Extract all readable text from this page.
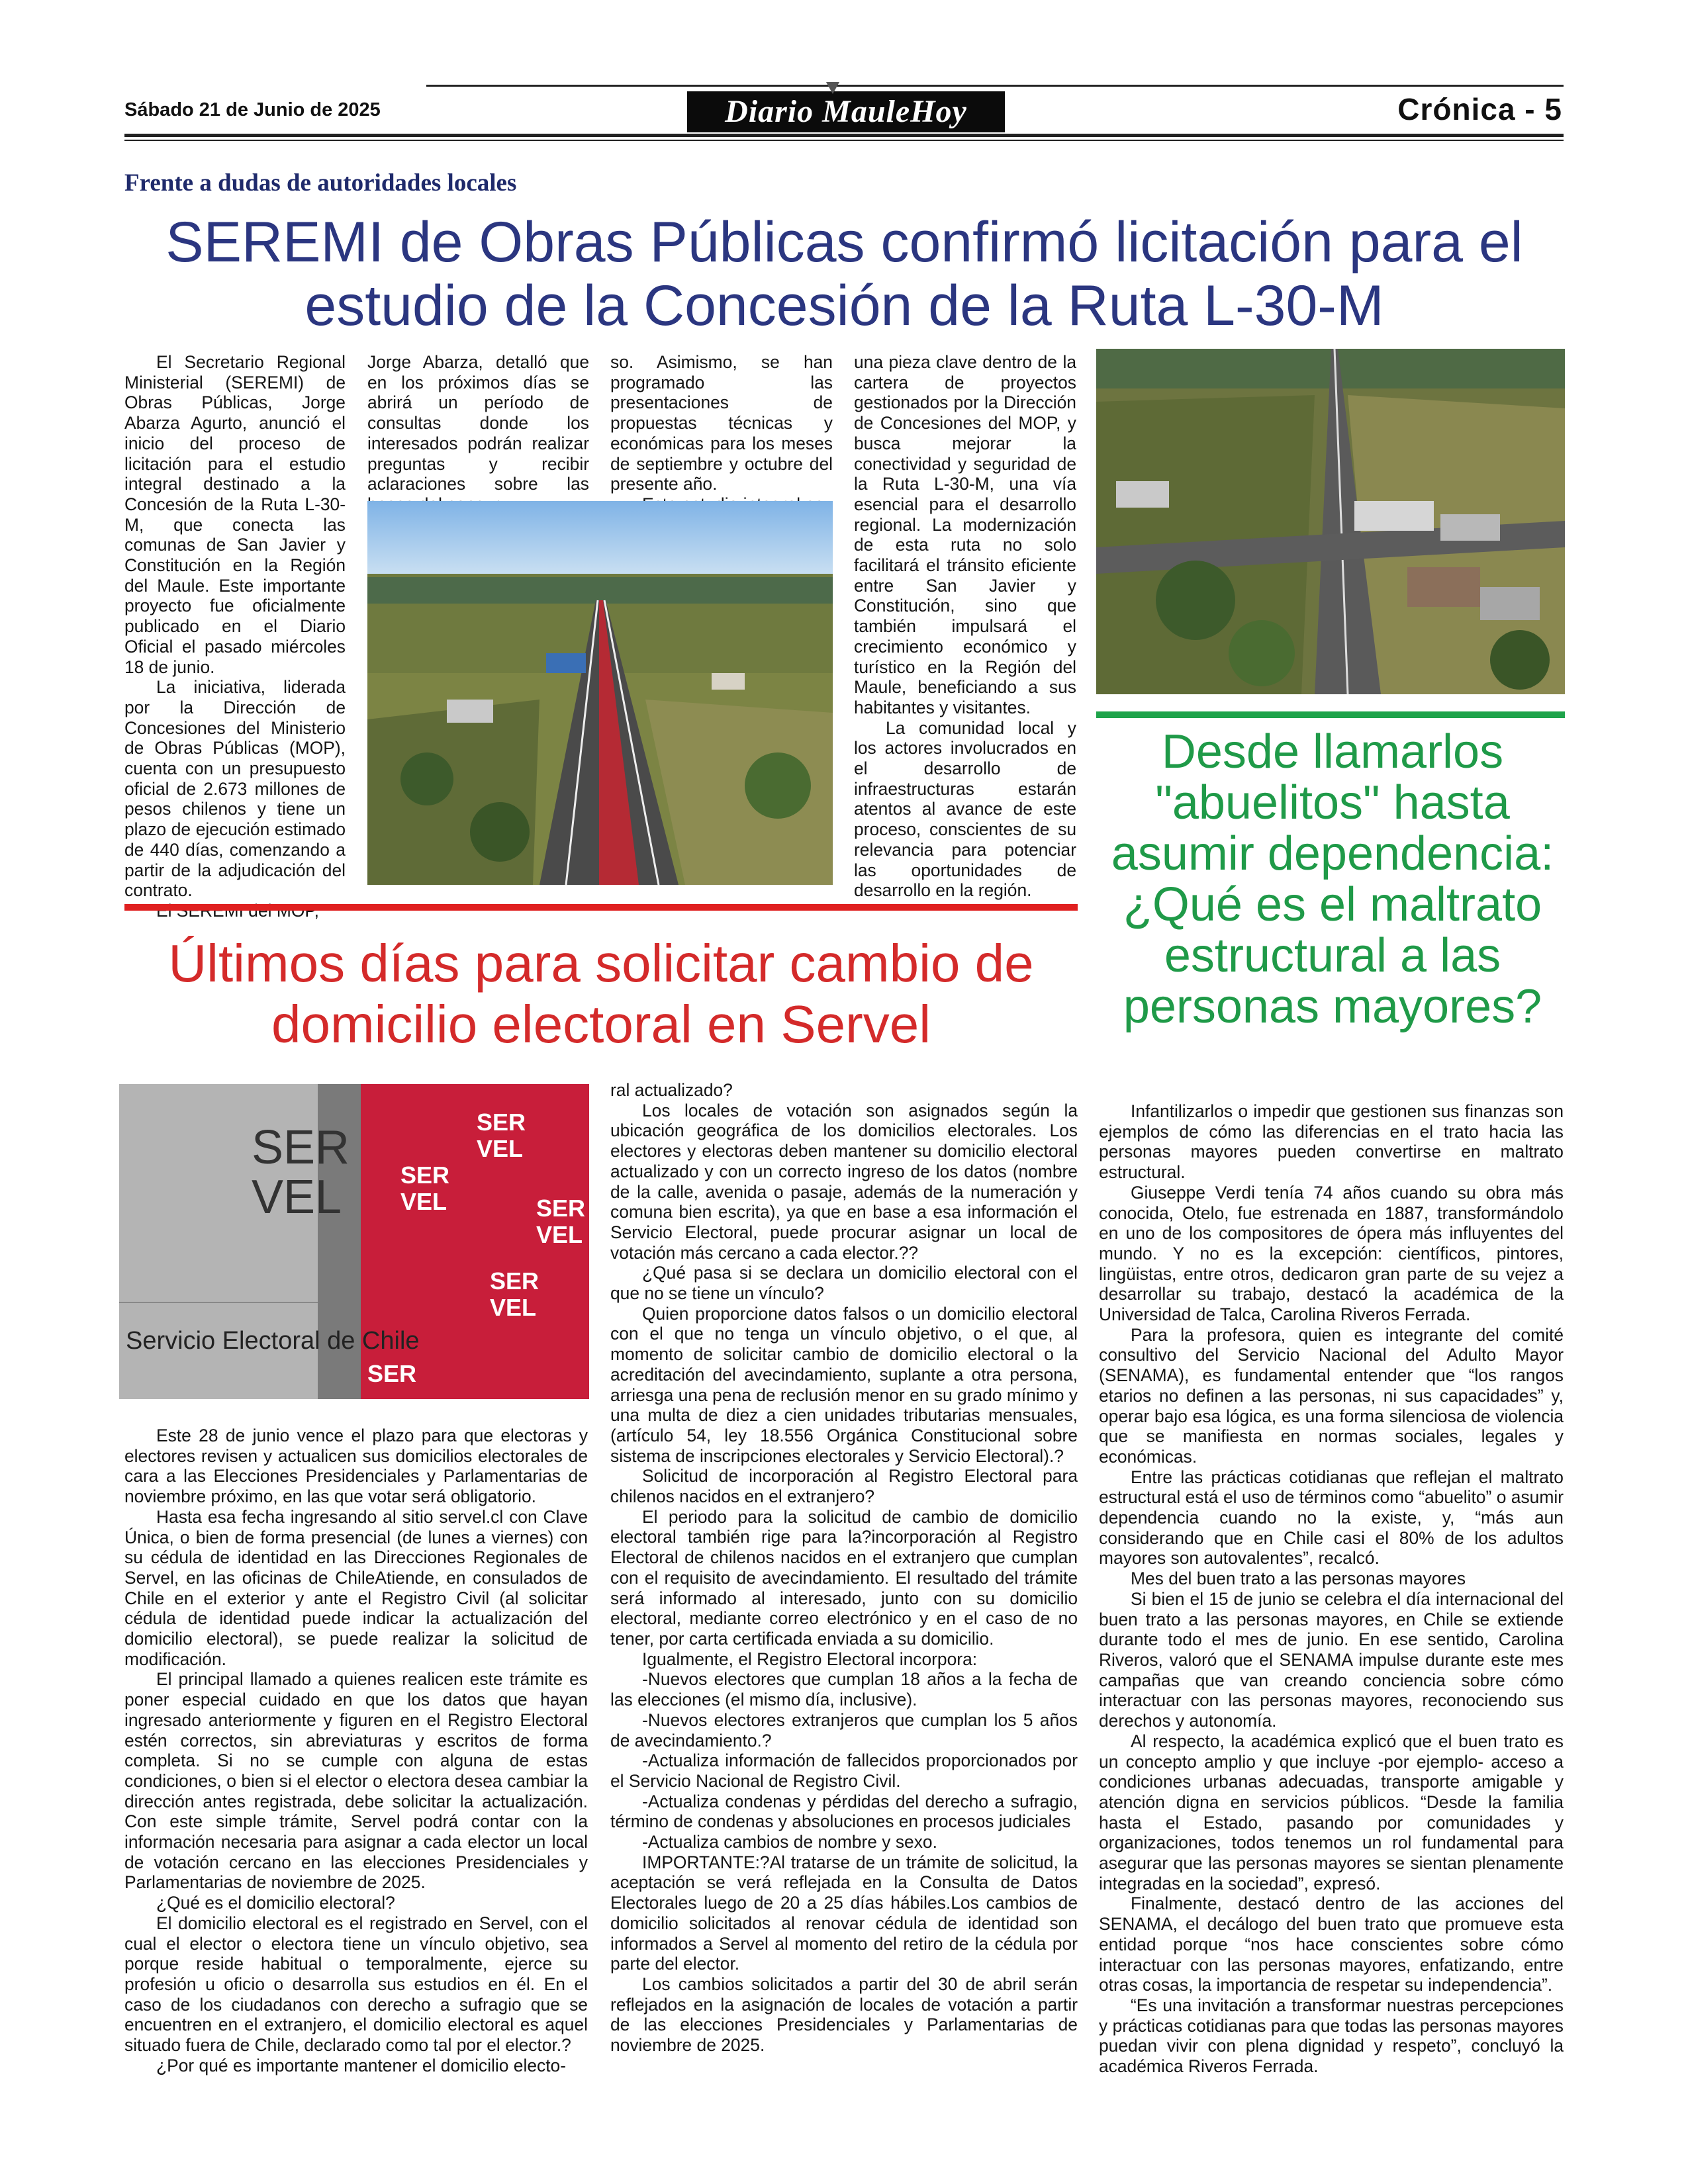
Sábado 21 de Junio de 2025	Diario MauleHoy	Crónica - 5
Frente a dudas de autoridades locales
SEREMI de Obras Públicas confirmó licitación para el estudio de la Concesión de la Ruta L-30-M

El Secretario Regional Ministerial (SEREMI) de Obras Públicas, Jorge Abarza Agurto, anunció el inicio del proceso de licitación para el estudio integral destinado a la Concesión de la Ruta L-30-M, que conecta las comunas de San Javier y Constitución en la Región del Maule. Este importante proyecto fue oficialmente publicado en el Diario Oficial el pasado miércoles 18 de junio.

La iniciativa, liderada por la Dirección de Concesiones del Ministerio de Obras Públicas (MOP), cuenta con un presupuesto oficial de 2.673 millones de pesos chilenos y tiene un plazo de ejecución estimado de 440 días, comenzando a partir de la adjudicación del contrato.

Jorge Abarza, detalló que en los próximos días se abrirá un período de consultas donde los interesados podrán realizar preguntas y recibir aclaraciones sobre las

so. Asimismo, se han programado las presentaciones de propuestas técnicas y económicas para los meses de septiembre y octubre del presente año.

una pieza clave dentro de la cartera de proyectos gestionados por la Dirección de Concesiones del MOP, y busca mejorar la conectividad y seguridad de la Ruta L-30-M, una vía esencial para el desarrollo regional. La modernización de esta ruta no solo facilitará el tránsito eficiente entre San Javier y Constitución, sino que también impulsará el crecimiento económico y turístico en la Región del Maule, beneficiando a sus habitantes y visitantes.

La comunidad local y los actores involucrados en el desarrollo de infraestructuras estarán atentos al avance de este proceso, conscientes de su relevancia para potenciar las oportunidades de desarrollo en la región.

Últimos días para solicitar cambio de domicilio electoral en Servel
SER
VEL
Servicio Electoral de Chile
SER
VEL
SER
VEL
SER
VEL
SER
VEL
SER

Este 28 de junio vence el plazo para que electoras y electores revisen y actualicen sus domicilios electorales de cara a las Elecciones Presidenciales y Parlamentarias de noviembre próximo, en las que votar será obligatorio.

Hasta esa fecha ingresando al sitio servel.cl con Clave Única, o bien de forma presencial (de lunes a viernes) con su cédula de identidad en las Direcciones Regionales de Servel, en las oficinas de ChileAtiende, en consulados de Chile en el exterior y ante el Registro Civil (al solicitar cédula de identidad puede indicar la actualización del domicilio electoral), se puede realizar la solicitud de modificación.

El principal llamado a quienes realicen este trámite es poner especial cuidado en que los datos que hayan ingresado anteriormente y figuren en el Registro Electoral estén correctos, sin abreviaturas y escritos de forma completa. Si no se cumple con alguna de estas condiciones, o bien si el elector o electora desea cambiar la dirección antes registrada, debe solicitar la actualización. Con este simple trámite, Servel podrá contar con la información necesaria para asignar a cada elector un local de votación cercano en las elecciones Presidenciales y Parlamentarias de noviembre de 2025.

¿Qué es el domicilio electoral?

El domicilio electoral es el registrado en Servel, con el cual el elector o electora tiene un vínculo objetivo, sea porque reside habitual o temporalmente, ejerce su profesión u oficio o desarrolla sus estudios en él. En el caso de los ciudadanos con derecho a sufragio que se encuentren en el extranjero, el domicilio electoral es aquel situado fuera de Chile, declarado como tal por el elector.?

¿Por qué es importante mantener el domicilio electo-

ral actualizado?

Los locales de votación son asignados según la ubicación geográfica de los domicilios electorales. Los electores y electoras deben mantener su domicilio electoral actualizado y con un correcto ingreso de los datos (nombre de la calle, avenida o pasaje, además de la numeración y comuna bien escrita), ya que en base a esa información el Servicio Electoral, puede procurar asignar un local de votación más cercano a cada elector.??

¿Qué pasa si se declara un domicilio electoral con el que no se tiene un vínculo?

Quien proporcione datos falsos o un domicilio electoral con el que no tenga un vínculo objetivo, o el que, al momento de solicitar cambio de domicilio electoral o la acreditación del avecindamiento, suplante a otra persona, arriesga una pena de reclusión menor en su grado mínimo y una multa de diez a cien unidades tributarias mensuales, (artículo 54, ley 18.556 Orgánica Constitucional sobre sistema de inscripciones electorales y Servicio Electoral).?

Solicitud de incorporación al Registro Electoral para chilenos nacidos en el extranjero?

El periodo para la solicitud de cambio de domicilio electoral también rige para la?incorporación al Registro Electoral de chilenos nacidos en el extranjero que cumplan con el requisito de avecindamiento. El resultado del trámite será informado al interesado, junto con su domicilio electoral, mediante correo electrónico y en el caso de no tener, por carta certificada enviada a su domicilio.

Igualmente, el Registro Electoral incorpora:

-Nuevos electores que cumplan 18 años a la fecha de las elecciones (el mismo día, inclusive).

-Nuevos electores extranjeros que cumplan los 5 años de avecindamiento.?

-Actualiza información de fallecidos proporcionados por el Servicio Nacional de Registro Civil.

-Actualiza condenas y pérdidas del derecho a sufragio, término de condenas y absoluciones en procesos judiciales

-Actualiza cambios de nombre y sexo.

IMPORTANTE:?Al tratarse de un trámite de solicitud, la aceptación se verá reflejada en la Consulta de Datos Electorales luego de 20 a 25 días hábiles.Los cambios de domicilio solicitados al renovar cédula de identidad son informados a Servel al momento del retiro de la cédula por parte del elector.

Los cambios solicitados a partir del 30 de abril serán reflejados en la asignación de locales de votación a partir de las elecciones Presidenciales y Parlamentarias de noviembre de 2025.

Desde llamarlos "abuelitos" hasta asumir dependencia: ¿Qué es el maltrato estructural a las personas mayores?

Infantilizarlos o impedir que gestionen sus finanzas son ejemplos de cómo las diferencias en el trato hacia las personas mayores pueden convertirse en maltrato estructural.

Giuseppe Verdi tenía 74 años cuando su obra más conocida, Otelo, fue estrenada en 1887, transformándolo en uno de los compositores de ópera más influyentes del mundo. Y no es la excepción: científicos, pintores, lingüistas, entre otros, dedicaron gran parte de su vejez a desarrollar su trabajo, destacó la académica de la Universidad de Talca, Carolina Riveros Ferrada.

Para la profesora, quien es integrante del comité consultivo del Servicio Nacional del Adulto Mayor (SENAMA), es fundamental entender que “los rangos etarios no definen a las personas, ni sus capacidades” y, operar bajo esa lógica, es una forma silenciosa de violencia que se manifiesta en normas sociales, legales y económicas.

Entre las prácticas cotidianas que reflejan el maltrato estructural está el uso de términos como “abuelito” o asumir dependencia cuando no la existe, y, “más aun considerando que en Chile casi el 80% de los adultos mayores son autovalentes”, recalcó.

Mes del buen trato a las personas mayores

Si bien el 15 de junio se celebra el día internacional del buen trato a las personas mayores, en Chile se extiende durante todo el mes de junio. En ese sentido, Carolina Riveros, valoró que el SENAMA impulse durante este mes campañas que van creando conciencia sobre cómo interactuar con las personas mayores, reconociendo sus derechos y autonomía.

Al respecto, la académica explicó que el buen trato es un concepto amplio y que incluye -por ejemplo- acceso a condiciones urbanas adecuadas, transporte amigable y atención digna en servicios públicos. “Desde la familia hasta el Estado, pasando por comunidades y organizaciones, todos tenemos un rol fundamental para asegurar que las personas mayores se sientan plenamente integradas en la sociedad”, expresó.

Finalmente, destacó dentro de las acciones del SENAMA, el decálogo del buen trato que promueve esta entidad porque “nos hace conscientes sobre cómo interactuar con las personas mayores, enfatizando, entre otras cosas, la importancia de respetar su independencia”.

“Es una invitación a transformar nuestras percepciones y prácticas cotidianas para que todas las personas mayores puedan vivir con plena dignidad y respeto”, concluyó la académica Riveros Ferrada.
